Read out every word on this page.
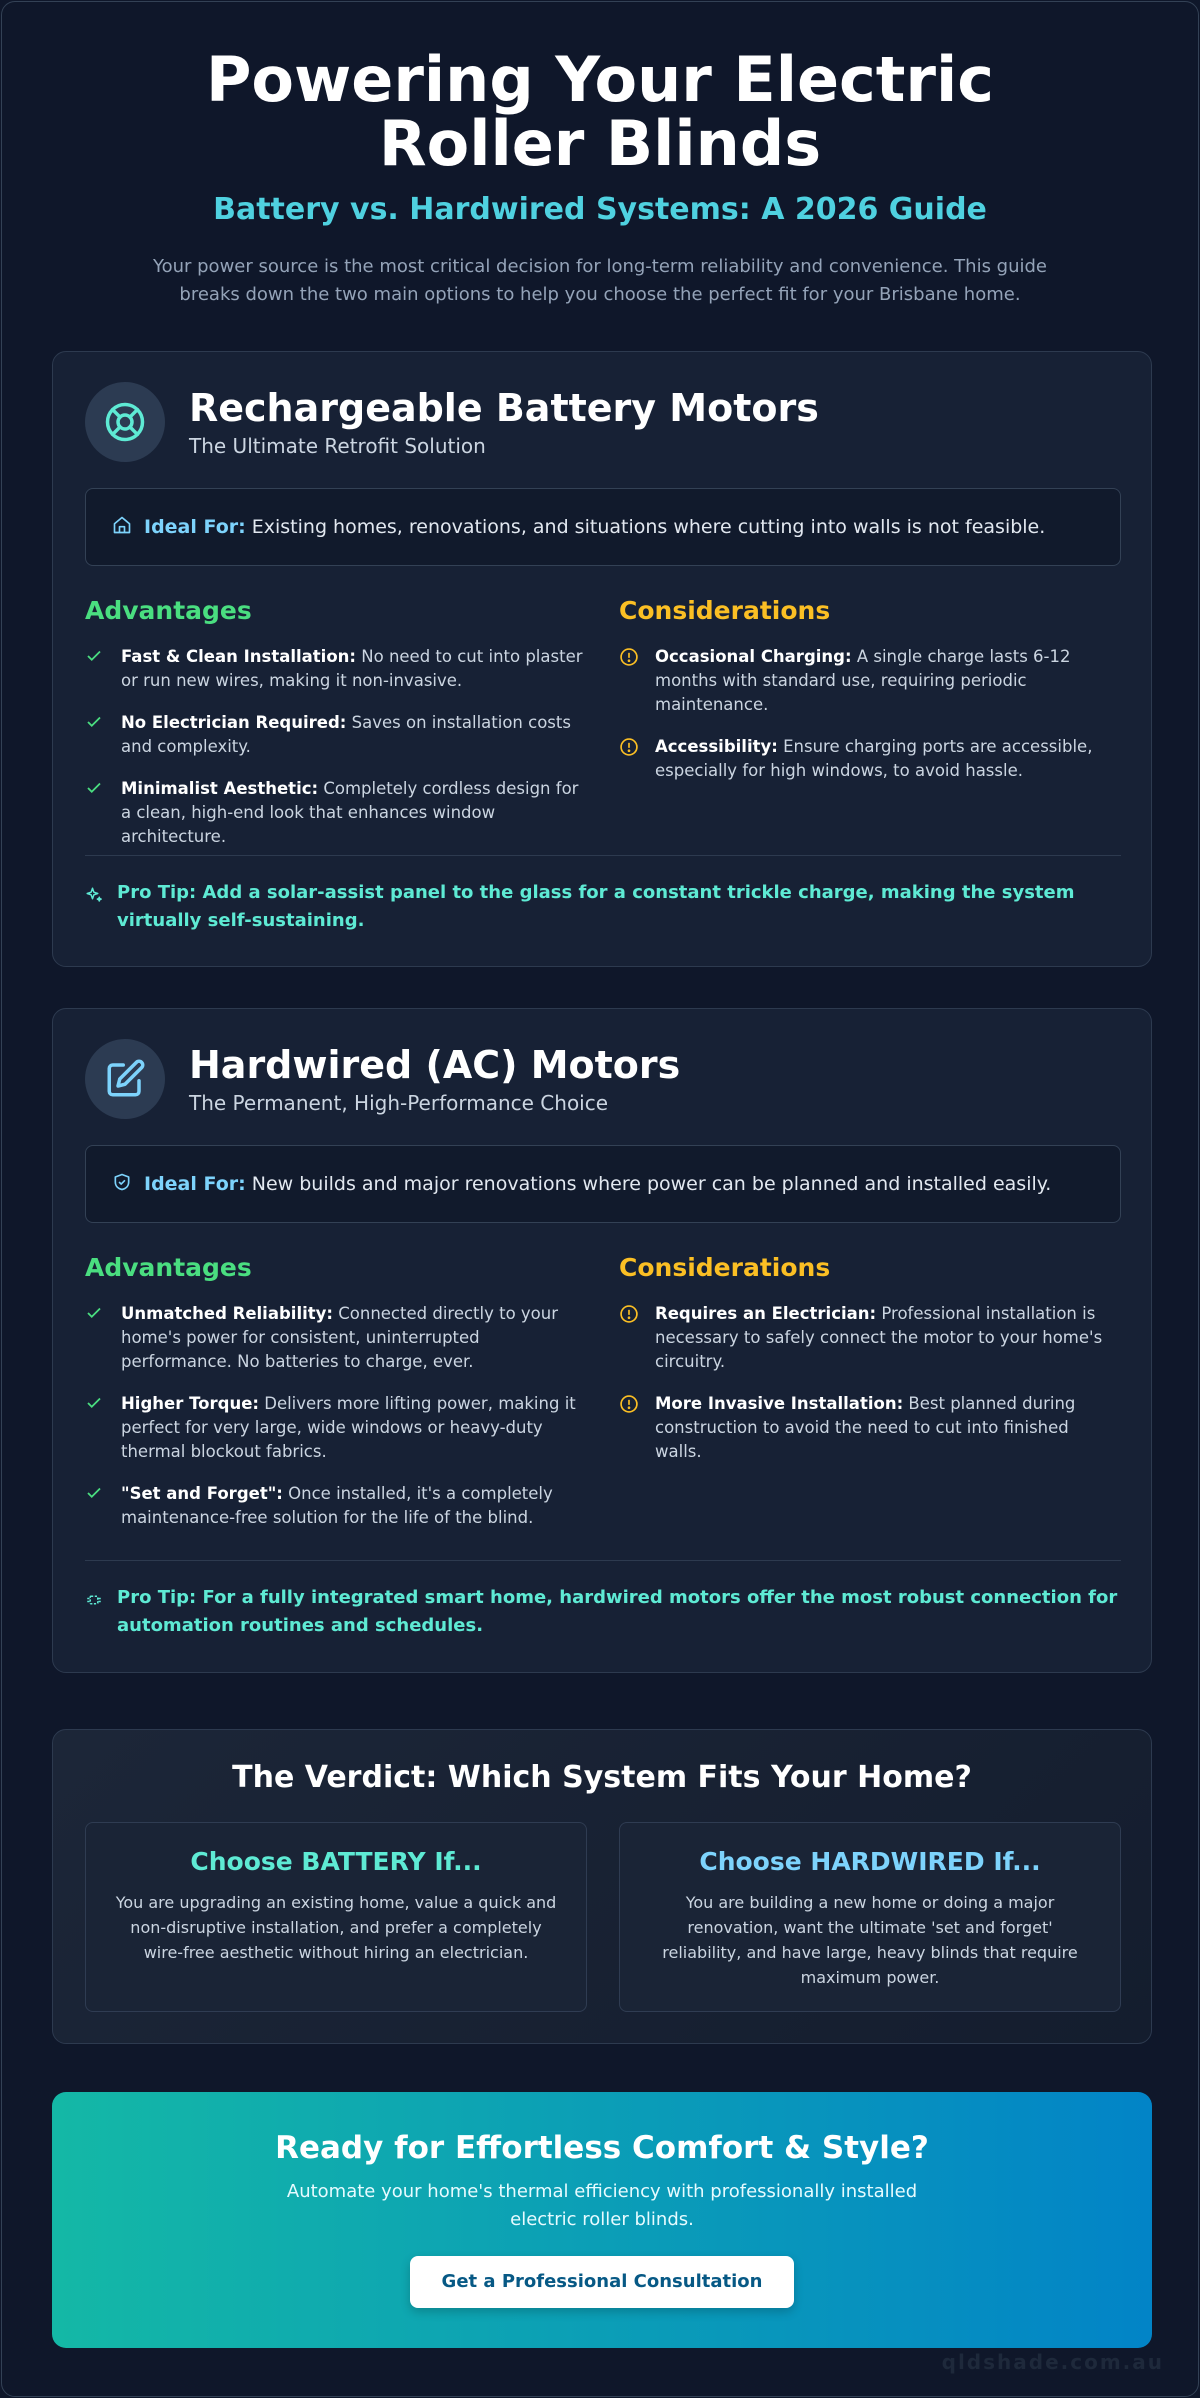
Powering Your Electric Roller Blinds
Battery vs. Hardwired Systems: A 2026 Guide

Your power source is the most critical decision for long-term reliability and convenience. This guide breaks down the two main options to help you choose the perfect fit for your Brisbane home.

Rechargeable Battery Motors
The Ultimate Retrofit Solution
Ideal For: Existing homes, renovations, and situations where cutting into walls is not feasible.
Advantages
Fast & Clean Installation: No need to cut into plaster or run new wires, making it non-invasive.
No Electrician Required: Saves on installation costs and complexity.
Minimalist Aesthetic: Completely cordless design for a clean, high-end look that enhances window architecture.
Considerations
Occasional Charging: A single charge lasts 6-12 months with standard use, requiring periodic maintenance.
Accessibility: Ensure charging ports are accessible, especially for high windows, to avoid hassle.
Pro Tip: Add a solar-assist panel to the glass for a constant trickle charge, making the system virtually self-sustaining.
Hardwired (AC) Motors
The Permanent, High-Performance Choice
Ideal For: New builds and major renovations where power can be planned and installed easily.
Advantages
Unmatched Reliability: Connected directly to your home's power for consistent, uninterrupted performance. No batteries to charge, ever.
Higher Torque: Delivers more lifting power, making it perfect for very large, wide windows or heavy-duty thermal blockout fabrics.
"Set and Forget": Once installed, it's a completely maintenance-free solution for the life of the blind.
Considerations
Requires an Electrician: Professional installation is necessary to safely connect the motor to your home's circuitry.
More Invasive Installation: Best planned during construction to avoid the need to cut into finished walls.
Pro Tip: For a fully integrated smart home, hardwired motors offer the most robust connection for automation routines and schedules.
The Verdict: Which System Fits Your Home?
Choose BATTERY If...
You are upgrading an existing home, value a quick and non-disruptive installation, and prefer a completely wire-free aesthetic without hiring an electrician.
Choose HARDWIRED If...
You are building a new home or doing a major renovation, want the ultimate 'set and forget' reliability, and have large, heavy blinds that require maximum power.
Ready for Effortless Comfort & Style?
Automate your home's thermal efficiency with professionally installed electric roller blinds.
Get a Professional Consultation
qldshade.com.au
